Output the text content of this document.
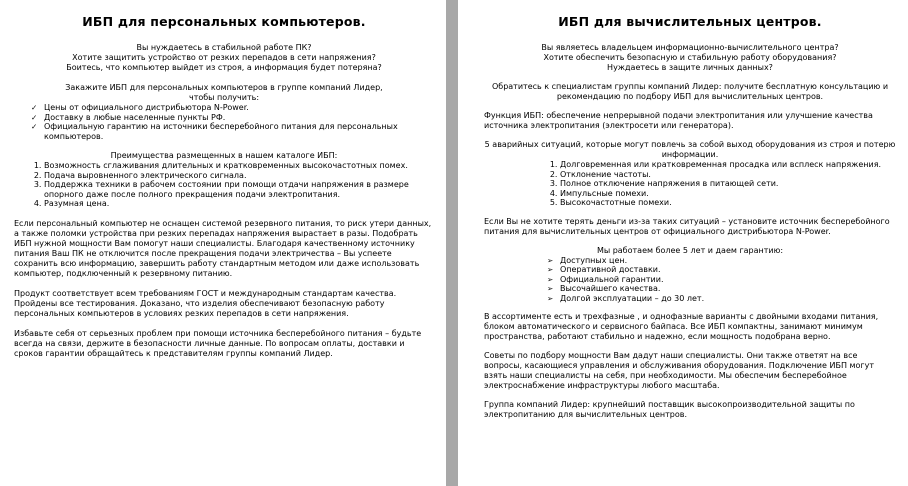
ИБП для персональных компьютеров.

Вы нуждаетесь в стабильной работе ПК?

Хотите защитить устройство от резких перепадов в сети напряжения?

Боитесь, что компьютер выйдет из строя, а информация будет потеряна?

Закажите ИБП для персональных компьютеров в группе компаний Лидер,

чтобы получить:

✓ Цены от официального дистрибьютора N-Power.
✓ Доставку в любые населенные пункты РФ.
✓ Официальную гарантию на источники бесперебойного питания для персональных компьютеров.

Преимущества размещенных в нашем каталоге ИБП:

1. Возможность сглаживания длительных и кратковременных высокочастотных помех.
2. Подача выровненного электрического сигнала.
3. Поддержка техники в рабочем состоянии при помощи отдачи напряжения в размере опорного даже после полного прекращения подачи электропитания.
4. Разумная цена.

Если персональный компьютер не оснащен системой резервного питания, то риск утери данных, а также поломки устройства при резких перепадах напряжения вырастает в разы. Подобрать ИБП нужной мощности Вам помогут наши специалисты. Благодаря качественному источнику питания Ваш ПК не отключится после прекращения подачи электричества – Вы успеете сохранить всю информацию, завершить работу стандартным методом или даже использовать компьютер, подключенный к резервному питанию.

Продукт соответствует всем требованиям ГОСТ и международным стандартам качества. Пройдены все тестирования. Доказано, что изделия обеспечивают безопасную работу персональных компьютеров в условиях резких перепадов в сети напряжения.

Избавьте себя от серьезных проблем при помощи источника бесперебойного питания – будьте всегда на связи, держите в безопасности личные данные. По вопросам оплаты, доставки и сроков гарантии обращайтесь к представителям группы компаний Лидер.

ИБП для вычислительных центров.

Вы являетесь владельцем информационно-вычислительного центра?

Хотите обеспечить безопасную и стабильную работу оборудования?

Нуждаетесь в защите личных данных?

Обратитесь к специалистам группы компаний Лидер: получите бесплатную консультацию и рекомендацию по подбору ИБП для вычислительных центров.

Функция ИБП: обеспечение непрерывной подачи электропитания или улучшение качества источника электропитания (электросети или генератора).

5 аварийных ситуаций, которые могут повлечь за собой выход оборудования из строя и потерю информации.

1. Долговременная или кратковременная просадка или всплеск напряжения.
2. Отклонение частоты.
3. Полное отключение напряжения в питающей сети.
4. Импульсные помехи.
5. Высокочастотные помехи.

Если Вы не хотите терять деньги из-за таких ситуаций – установите источник бесперебойного питания для вычислительных центров от официального дистрибьютора N-Power.

Мы работаем более 5 лет и даем гарантию:

➢ Доступных цен.
➢ Оперативной доставки.
➢ Официальной гарантии.
➢ Высочайшего качества.
➢ Долгой эксплуатации – до 30 лет.

В ассортименте есть и трехфазные , и однофазные варианты с двойными входами питания, блоком автоматического и сервисного байпаса. Все ИБП компактны, занимают минимум пространства, работают стабильно и надежно, если мощность подобрана верно.

Советы по подбору мощности Вам дадут наши специалисты. Они также ответят на все вопросы, касающиеся управления и обслуживания оборудования. Подключение ИБП могут взять наши специалисты на себя, при необходимости. Мы обеспечим бесперебойное электроснабжение инфраструктуры любого масштаба.

Группа компаний Лидер: крупнейший поставщик высокопроизводительной защиты по электропитанию для вычислительных центров.
